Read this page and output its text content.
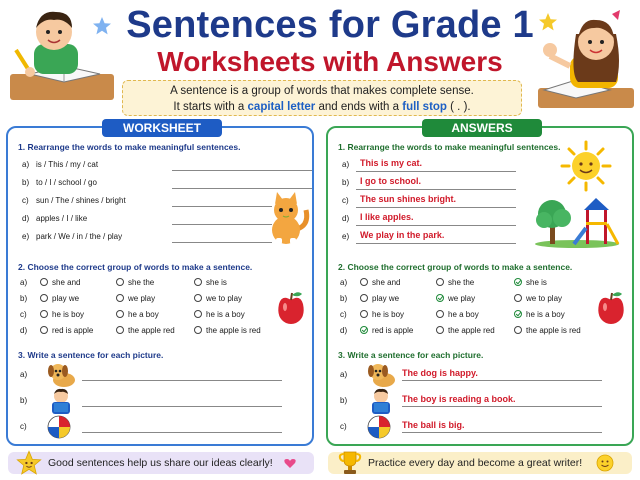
Sentences for Grade 1
Worksheets with Answers
A sentence is a group of words that makes complete sense.
It starts with a capital letter and ends with a full stop ( . ).
WORKSHEET
1. Rearrange the words to make meaningful sentences.
a) is / This / my / cat
b) to / I / school / go
c) sun / The / shines / bright
d) apples / I / like
e) park / We / in / the / play
2. Choose the correct group of words to make a sentence.
a)	she and	she the	she is
b)	play we	we play	we to play
c)	he is boy	he a boy	he is a boy
d)	red is apple	the apple red	the apple is red
3. Write a sentence for each picture.
a)
b)
c)
ANSWERS
1. Rearrange the words to make meaningful sentences.
a) This is my cat.
b) I go to school.
c) The sun shines bright.
d) I like apples.
e) We play in the park.
2. Choose the correct group of words to make a sentence.
a)	she and	she the	she is
b)	play we	we play	we to play
c)	he is boy	he a boy	he is a boy
d)	red is apple	the apple red	the apple is red
3. Write a sentence for each picture.
a)	The dog is happy.
b)	The boy is reading a book.
c)	The ball is big.
Good sentences help us share our ideas clearly!	Practice every day and become a great writer!
